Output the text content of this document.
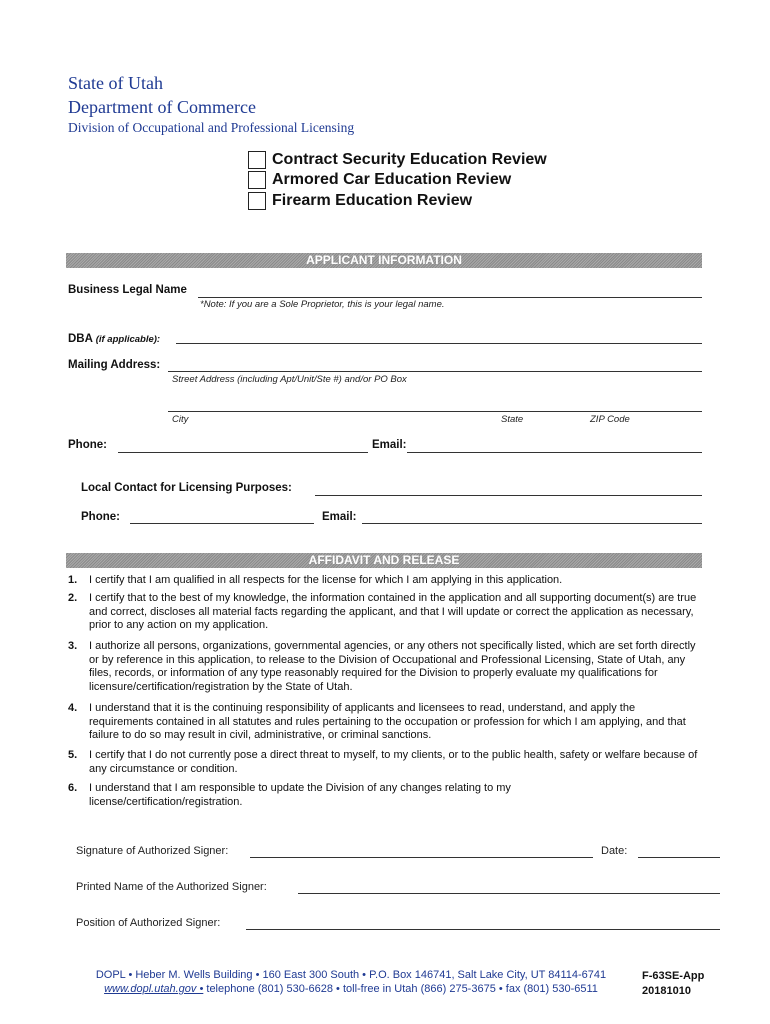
State of Utah
Department of Commerce
Division of Occupational and Professional Licensing
Contract Security Education Review
Armored Car Education Review
Firearm Education Review
APPLICANT INFORMATION
Business Legal Name
*Note: If you are a Sole Proprietor, this is your legal name.
DBA (if applicable):
Mailing Address:
Street Address (including Apt/Unit/Ste #) and/or PO Box
City	State	ZIP Code
Phone:	Email:
Local Contact for Licensing Purposes:
Phone:	Email:
AFFIDAVIT AND RELEASE
1.	I certify that I am qualified in all respects for the license for which I am applying in this application.
2.	I certify that to the best of my knowledge, the information contained in the application and all supporting document(s) are true and correct, discloses all material facts regarding the applicant, and that I will update or correct the application as necessary, prior to any action on my application.
3.	I authorize all persons, organizations, governmental agencies, or any others not specifically listed, which are set forth directly or by reference in this application, to release to the Division of Occupational and Professional Licensing, State of Utah, any files, records, or information of any type reasonably required for the Division to properly evaluate my qualifications for licensure/certification/registration by the State of Utah.
4.	I understand that it is the continuing responsibility of applicants and licensees to read, understand, and apply the requirements contained in all statutes and rules pertaining to the occupation or profession for which I am applying, and that failure to do so may result in civil, administrative, or criminal sanctions.
5.	I certify that I do not currently pose a direct threat to myself, to my clients, or to the public health, safety or welfare because of any circumstance or condition.
6.	I understand that I am responsible to update the Division of any changes relating to my license/certification/registration.
Signature of Authorized Signer:	Date:
Printed Name of the Authorized Signer:
Position of Authorized Signer:
DOPL • Heber M. Wells Building • 160 East 300 South • P.O. Box 146741, Salt Lake City, UT 84114-6741
www.dopl.utah.gov • telephone (801) 530-6628 • toll-free in Utah (866) 275-3675 • fax (801) 530-6511
F-63SE-App
20181010
